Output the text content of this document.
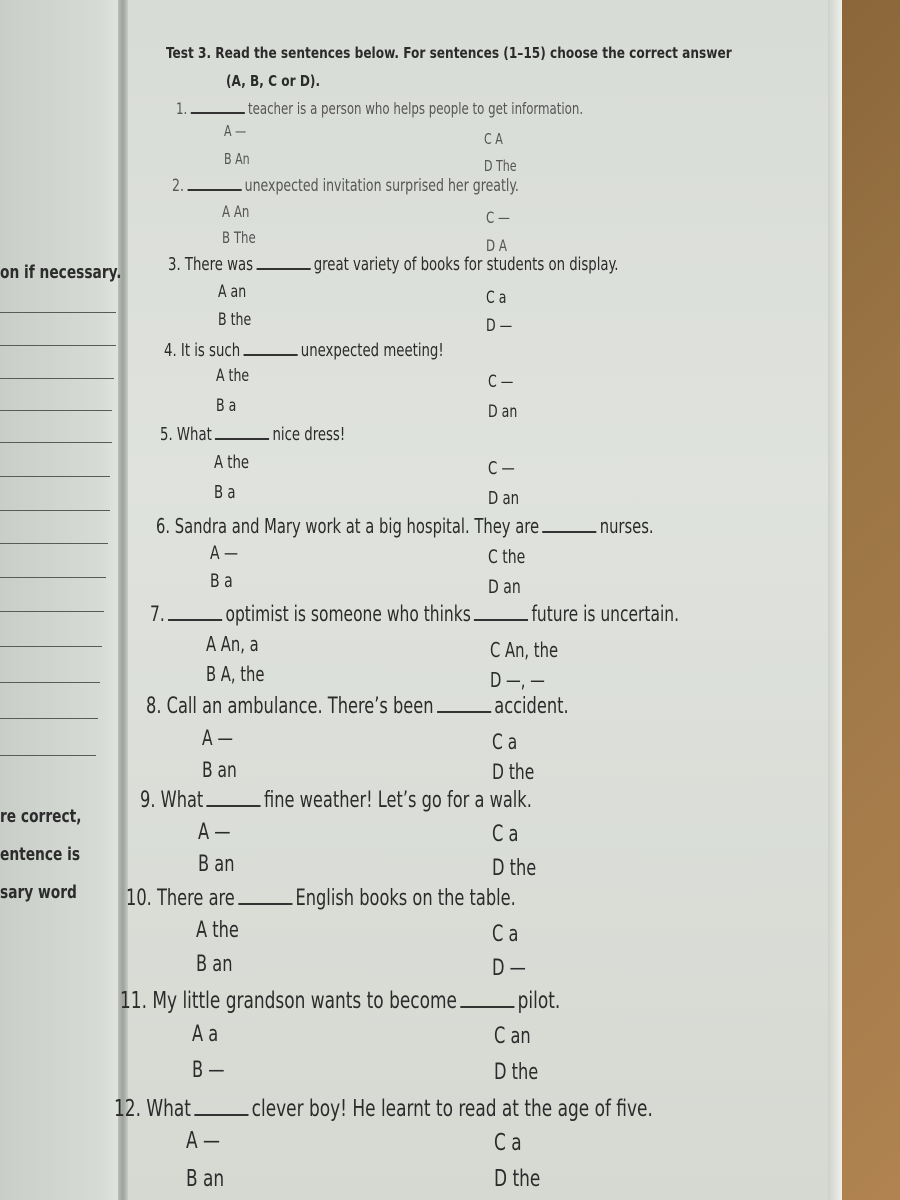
on if necessary.
re correct,
entence is
sary word
Test 3. Read the sentences below. For sentences (1–15) choose the correct answer
(A, B, C or D).
1.	teacher is a person who helps people to get information.
A —
B An
C A
D The
2.	unexpected invitation surprised her greatly.
A An
B The
C —
D A
3. There was	great variety of books for students on display.
A an
B the
C a
D —
4. It is such	unexpected meeting!
A the
B a
C —
D an
5. What	nice dress!
A the
B a
C —
D an
6. Sandra and Mary work at a big hospital. They are	nurses.
A —
B a
C the
D an
7.	optimist is someone who thinks	future is uncertain.
A An, a
B A, the
C An, the
D —, —
8. Call an ambulance. There’s been	accident.
A —
B an
C a
D the
9. What	fine weather! Let’s go for a walk.
A —
B an
C a
D the
10. There are	English books on the table.
A the
B an
C a
D —
11. My little grandson wants to become	pilot.
A a
B —
C an
D the
12. What	clever boy! He learnt to read at the age of five.
A —
B an
C a
D the
